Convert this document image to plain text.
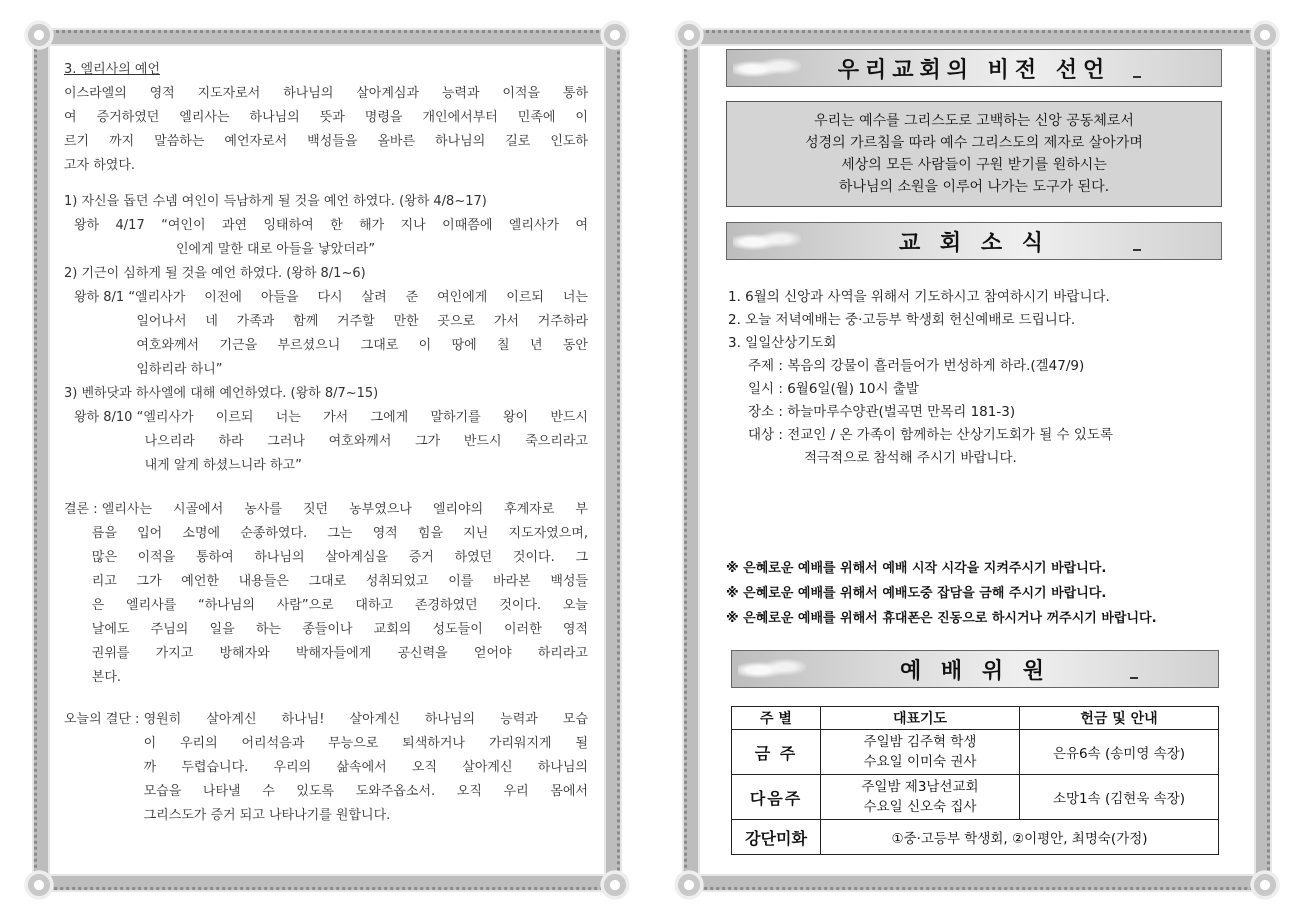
3. 엘리사의 예언

이스라엘의 영적 지도자로서 하나님의 살아계심과 능력과 이적을 통하

여 증거하였던 엘리사는 하나님의 뜻과 명령을 개인에서부터 민족에 이

르기 까지 말씀하는 예언자로서 백성들을 올바른 하나님의 길로 인도하

고자 하였다.

1) 자신을 돕던 수넴 여인이 득남하게 될 것을 예언 하였다. (왕하 4/8~17)

왕하 4/17 “여인이 과연 잉태하여 한 해가 지나 이때쯤에 엘리사가 여

인에게 말한 대로 아들을 낳았더라”

2) 기근이 심하게 될 것을 예언 하였다. (왕하 8/1~6)

왕하 8/1 “엘리사가 이전에 아들을 다시 살려 준 여인에게 이르되 너는

일어나서 네 가족과 함께 거주할 만한 곳으로 가서 거주하라

여호와께서 기근을 부르셨으니 그대로 이 땅에 칠 년 동안

임하리라 하니”

3) 벤하닷과 하사엘에 대해 예언하였다. (왕하 8/7~15)

왕하 8/10 “엘리사가 이르되 너는 가서 그에게 말하기를 왕이 반드시

나으리라 하라 그러나 여호와께서 그가 반드시 죽으리라고

내게 알게 하셨느니라 하고”

결론 : 엘리사는 시골에서 농사를 짓던 농부였으나 엘리야의 후계자로 부

름을 입어 소명에 순종하였다. 그는 영적 힘을 지닌 지도자였으며,

많은 이적을 통하여 하나님의 살아계심을 증거 하였던 것이다. 그

리고 그가 예언한 내용들은 그대로 성취되었고 이를 바라본 백성들

은 엘리사를 “하나님의 사람”으로 대하고 존경하였던 것이다. 오늘

날에도 주님의 일을 하는 종들이나 교회의 성도들이 이러한 영적

권위를 가지고 방해자와 박해자들에게 공신력을 얻어야 하리라고

본다.

오늘의 결단 : 영원히 살아계신 하나님! 살아계신 하나님의 능력과 모습

이 우리의 어리석음과 무능으로 퇴색하거나 가리워지게 될

까 두렵습니다. 우리의 삶속에서 오직 살아계신 하나님의

모습을 나타낼 수 있도록 도와주옵소서. 오직 우리 몸에서

그리스도가 증거 되고 나타나기를 원합니다.

우리교회의 비전 선언
우리는 예수를 그리스도로 고백하는 신앙 공동체로서
성경의 가르침을 따라 예수 그리스도의 제자로 살아가며
세상의 모든 사람들이 구원 받기를 원하시는
하나님의 소원을 이루어 나가는 도구가 된다.
교 회 소 식

1. 6월의 신앙과 사역을 위해서 기도하시고 참여하시기 바랍니다.

2. 오늘 저녁예배는 중·고등부 학생회 헌신예배로 드립니다.

3. 일일산상기도회

주제 : 복음의 강물이 흘러들어가 번성하게 하라.(겔47/9)

일시 : 6월6일(월) 10시 출발

장소 : 하늘마루수양관(벌곡면 만목리 181-3)

대상 : 전교인 / 온 가족이 함께하는 산상기도회가 될 수 있도록

적극적으로 참석해 주시기 바랍니다.

※ 은혜로운 예배를 위해서 예배 시작 시각을 지켜주시기 바랍니다.

※ 은혜로운 예배를 위해서 예배도중 잡담을 금해 주시기 바랍니다.

※ 은혜로운 예배를 위해서 휴대폰은 진동으로 하시거나 꺼주시기 바랍니다.

예 배 위 원
주 별	대표기도	헌금 및 안내
금 주	주일밤 김주혁 학생
수요일 이미숙 권사	은유6속 (송미영 속장)
다음주	주일밤 제3남선교회
수요일 신오숙 집사	소망1속 (김현욱 속장)
강단미화	①중·고등부 학생회, ②이평안, 최명숙(가정)	
